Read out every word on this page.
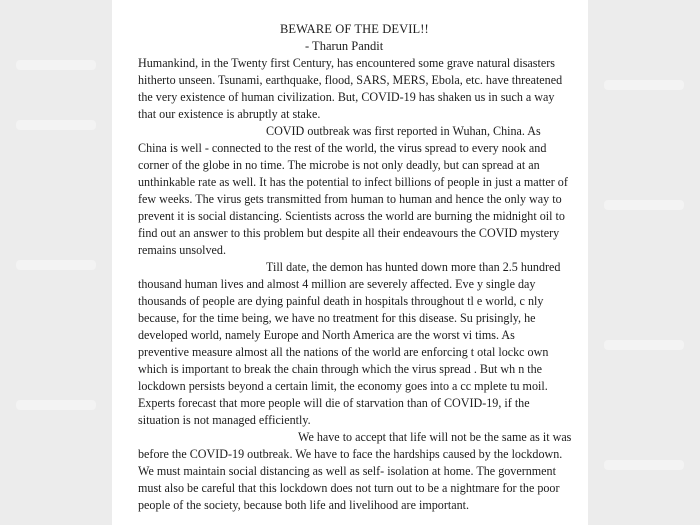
BEWARE OF THE DEVIL!!
- Tharun Pandit
Humankind, in the Twenty first Century, has encountered some grave natural disasters
hitherto unseen. Tsunami, earthquake, flood, SARS, MERS, Ebola, etc. have threatened
the very existence of human civilization. But, COVID-19 has shaken us in such a way
that our existence is abruptly at stake.
COVID outbreak was first reported in Wuhan, China. As
China is well - connected to the rest of the world, the virus spread to every nook and
corner of the globe in no time. The microbe is not only deadly, but can spread at an
unthinkable rate as well. It has the potential to infect billions of people in just a matter of
few weeks. The virus gets transmitted from human to human and hence the only way to
prevent it is social distancing. Scientists across the world are burning the midnight oil to
find out an answer to this problem but despite all their endeavours the COVID mystery
remains unsolved.
Till date, the demon has hunted down more than 2.5 hundred
thousand human lives and almost 4 million are severely affected. Eve y single day
thousands of people are dying painful death in hospitals throughout tl e world, c nly
because, for the time being, we have no treatment for this disease. Su prisingly, he
developed world, namely Europe and North America are the worst vi tims. As
preventive measure almost all the nations of the world are enforcing t otal lockc own
which is important to break the chain through which the virus spread . But wh n the
lockdown persists beyond a certain limit, the economy goes into a cc mplete tu moil.
Experts forecast that more people will die of starvation than of COVID-19, if the
situation is not managed efficiently.
We have to accept that life will not be the same as it was
before the COVID-19 outbreak. We have to face the hardships caused by the lockdown.
We must maintain social distancing as well as self- isolation at home. The government
must also be careful that this lockdown does not turn out to be a nightmare for the poor
people of the society, because both life and livelihood are important.
